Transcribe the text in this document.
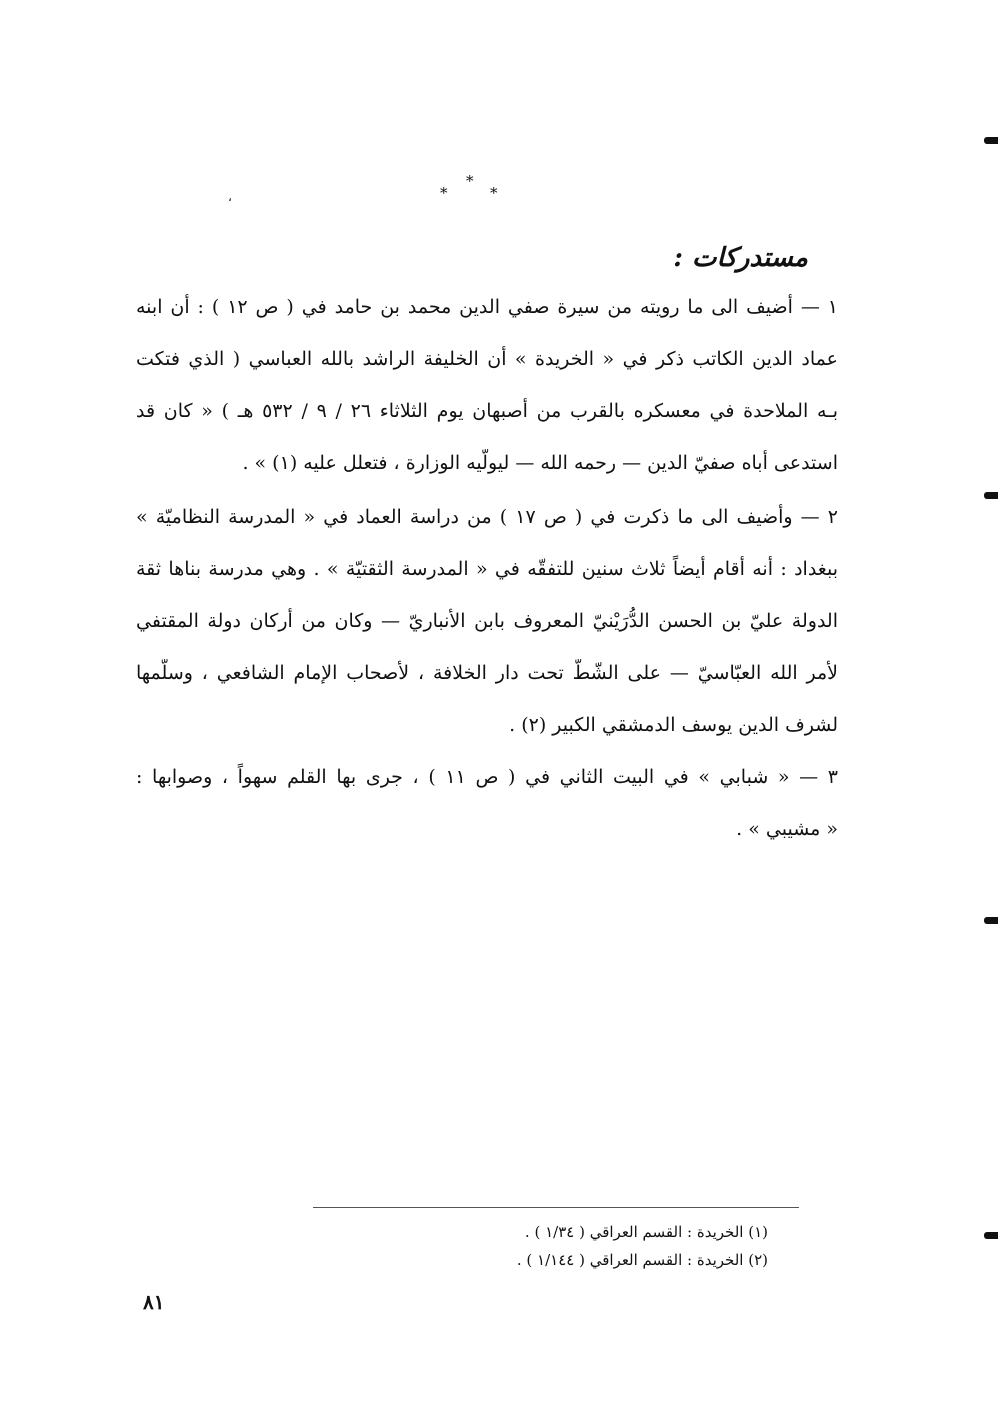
*
*
*
،
مستدركات :
١ — أضيف الى ما رويته من سيرة صفي الدين محمد بن حامد في ( ص ١٢ ) : أن ابنه
عماد الدين الكاتب ذكر في « الخريدة » أن الخليفة الراشد بالله العباسي ( الذي فتكت
بـه الملاحدة في معسكره بالقرب من أصبهان يوم الثلاثاء ٢٦ / ٩ / ٥٣٢ هـ ) « كان قد
استدعى أباه صفيّ الدين — رحمه الله — ليولّيه الوزارة ، فتعلل عليه (١) » .
٢ — وأضيف الى ما ذكرت في ( ص ١٧ ) من دراسة العماد في « المدرسة النظاميّة »
ببغداد : أنه أقام أيضاً ثلاث سنين للتفقّه في « المدرسة الثقتيّة » . وهي مدرسة بناها ثقة
الدولة عليّ بن الحسن الدُّرَيْنيّ المعروف بابن الأنباريّ — وكان من أركان دولة المقتفي
لأمر الله العبّاسيّ — على الشّطّ تحت دار الخلافة ، لأصحاب الإمام الشافعي ، وسلّمها
لشرف الدين يوسف الدمشقي الكبير (٢) .
٣ — « شبابي » في البيت الثاني في ( ص ١١ ) ، جرى بها القلم سهواً ، وصوابها :
« مشيبي » .
(١) الخريدة : القسم العراقي ( ١/٣٤ ) .
(٢) الخريدة : القسم العراقي ( ١/١٤٤ ) .
٨١
